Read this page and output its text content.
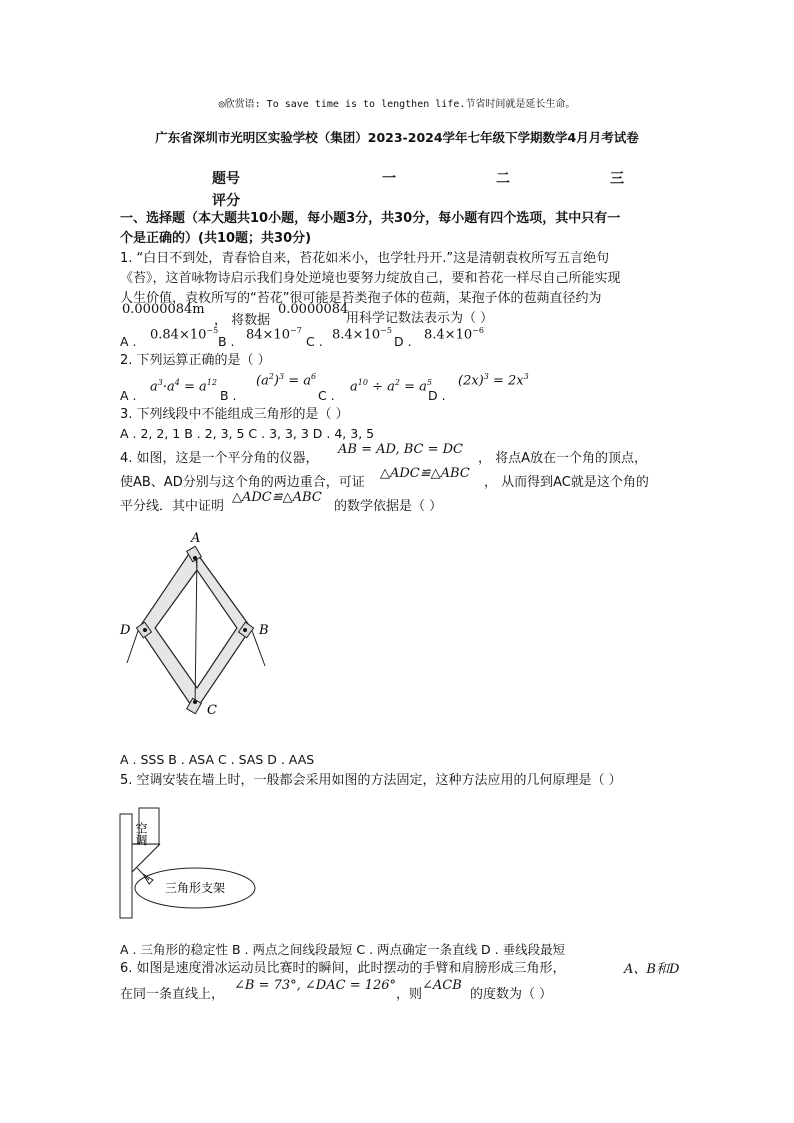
◎欣赏语: To save time is to lengthen life.节省时间就是延长生命。
广东省深圳市光明区实验学校（集团）2023-2024学年七年级下学期数学4月月考试卷
题号	一	二	三
评分
一、选择题（本大题共10小题，每小题3分，共30分，每小题有四个选项，其中只有一
个是正确的）(共10题；共30分)
1. “白日不到处，青春恰自来，苔花如米小，也学牡丹开.”这是清朝袁枚所写五言绝句
《苔》，这首咏物诗启示我们身处逆境也要努力绽放自己，要和苔花一样尽自己所能实现
人生价值，袁枚所写的“苔花”很可能是苔类孢子体的苞蒴，某孢子体的苞蒴直径约为
0.0000084m
， 将数据
0.0000084
用科学记数法表示为（ ）
A . $0.84\times 10^{-5}$
B . $84\times 10^{-7}$
C . $8.4\times 10^{-5}$
D . $8.4\times 10^{-6}$
2. 下列运算正确的是（ ）
A .
$a^3\cdot a^4 = a^{12}$
B .
$(a^2)^3 = a^6$
C .
$a^{10} \div a^2 = a^5$
D .
$(2x)^3 = 2x^3$
3. 下列线段中不能组成三角形的是（ ）
A . 2, 2, 1 B . 2, 3, 5 C . 3, 3, 3 D . 4, 3, 5
4. 如图，这是一个平分角的仪器，
AB = AD, BC = DC
， 将点A放在一个角的顶点，
使AB、AD分别与这个角的两边重合，可证
△ADC≌△ABC
， 从而得到AC就是这个角的
平分线．其中证明
△ADC≌△ABC
的数学依据是（ ）
A
B
C
D
A . SSS B . ASA C . SAS D . AAS
5. 空调安装在墙上时，一般都会采用如图的方法固定，这种方法应用的几何原理是（ ）
空调
三角形支架
A . 三角形的稳定性 B . 两点之间线段最短 C . 两点确定一条直线 D . 垂线段最短
6. 如图是速度滑冰运动员比赛时的瞬间，此时摆动的手臂和肩膀形成三角形，	A、B和D
在同一条直线上，
∠B = 73°, ∠DAC = 126°
，则
∠ACB
的度数为（ ）
